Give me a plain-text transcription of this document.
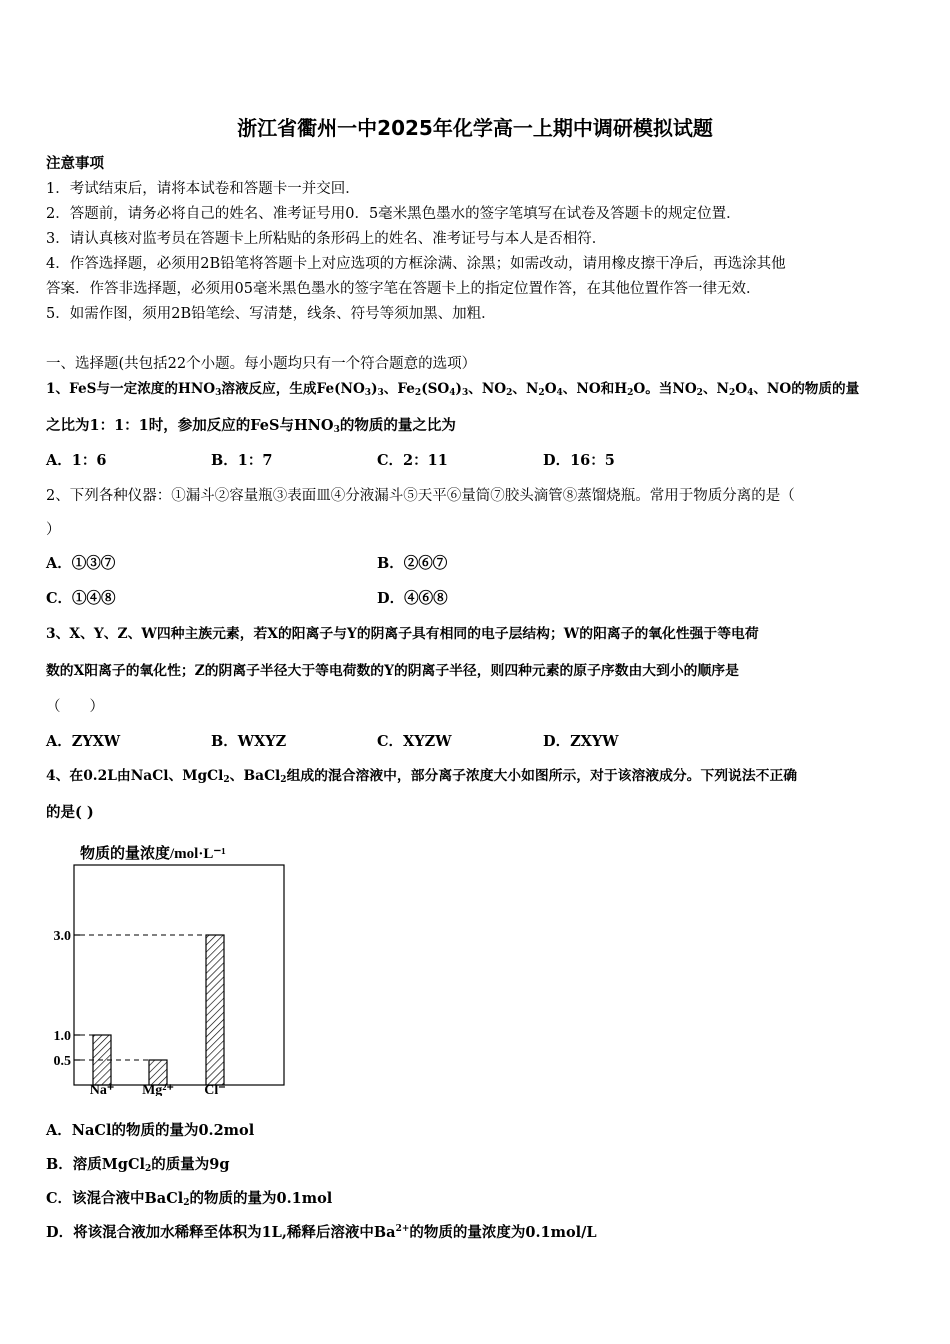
浙江省衢州一中2025年化学高一上期中调研模拟试题
注意事项
1．考试结束后，请将本试卷和答题卡一并交回．
2．答题前，请务必将自己的姓名、准考证号用0．5毫米黑色墨水的签字笔填写在试卷及答题卡的规定位置．
3．请认真核对监考员在答题卡上所粘贴的条形码上的姓名、准考证号与本人是否相符．
4．作答选择题，必须用2B铅笔将答题卡上对应选项的方框涂满、涂黑；如需改动，请用橡皮擦干净后，再选涂其他
答案．作答非选择题，必须用05毫米黑色墨水的签字笔在答题卡上的指定位置作答，在其他位置作答一律无效．
5．如需作图，须用2B铅笔绘、写清楚，线条、符号等须加黑、加粗．
一、选择题(共包括22个小题。每小题均只有一个符合题意的选项）
1、FeS与一定浓度的$HNO_3$溶液反应，生成$Fe(NO_3)_3$、$Fe_2(SO_4)_3$、$NO_2$、$N_2O_4$、NO和$H_2O$。当$NO_2$、$N_2O_4$、NO的物质的量
之比为1：1：1时，参加反应的FeS与$HNO_3$的物质的量之比为
A．1：6	B．1：7	C．2：11	D．16：5
2、下列各种仪器：①漏斗②容量瓶③表面皿④分液漏斗⑤天平⑥量筒⑦胶头滴管⑧蒸馏烧瓶。常用于物质分离的是（
）
A．①③⑦	B．②⑥⑦
C．①④⑧	D．④⑥⑧
3、X、Y、Z、W四种主族元素，若X的阳离子与Y的阴离子具有相同的电子层结构；W的阳离子的氧化性强于等电荷
数的X阳离子的氧化性；Z的阴离子半径大于等电荷数的Y的阴离子半径，则四种元素的原子序数由大到小的顺序是
（　　）
A．ZYXW	B．WXYZ	C．XYZW	D．ZXYW
4、在0.2L由NaCl、MgCl$_2$、BaCl$_2$组成的混合溶液中，部分离子浓度大小如图所示，对于该溶液成分。下列说法不正确
的是( )
物质的量浓度/mol·L⁻¹
3.0
1.0
0.5
Na⁺ Mg²⁺ Cl⁻
A．NaCl的物质的量为0.2mol
B．溶质MgCl$_2$的质量为9g
C．该混合液中BaCl$_2$的物质的量为0.1mol
D．将该混合液加水稀释至体积为1L,稀释后溶液中$Ba^{2+}$的物质的量浓度为0.1mol/L
